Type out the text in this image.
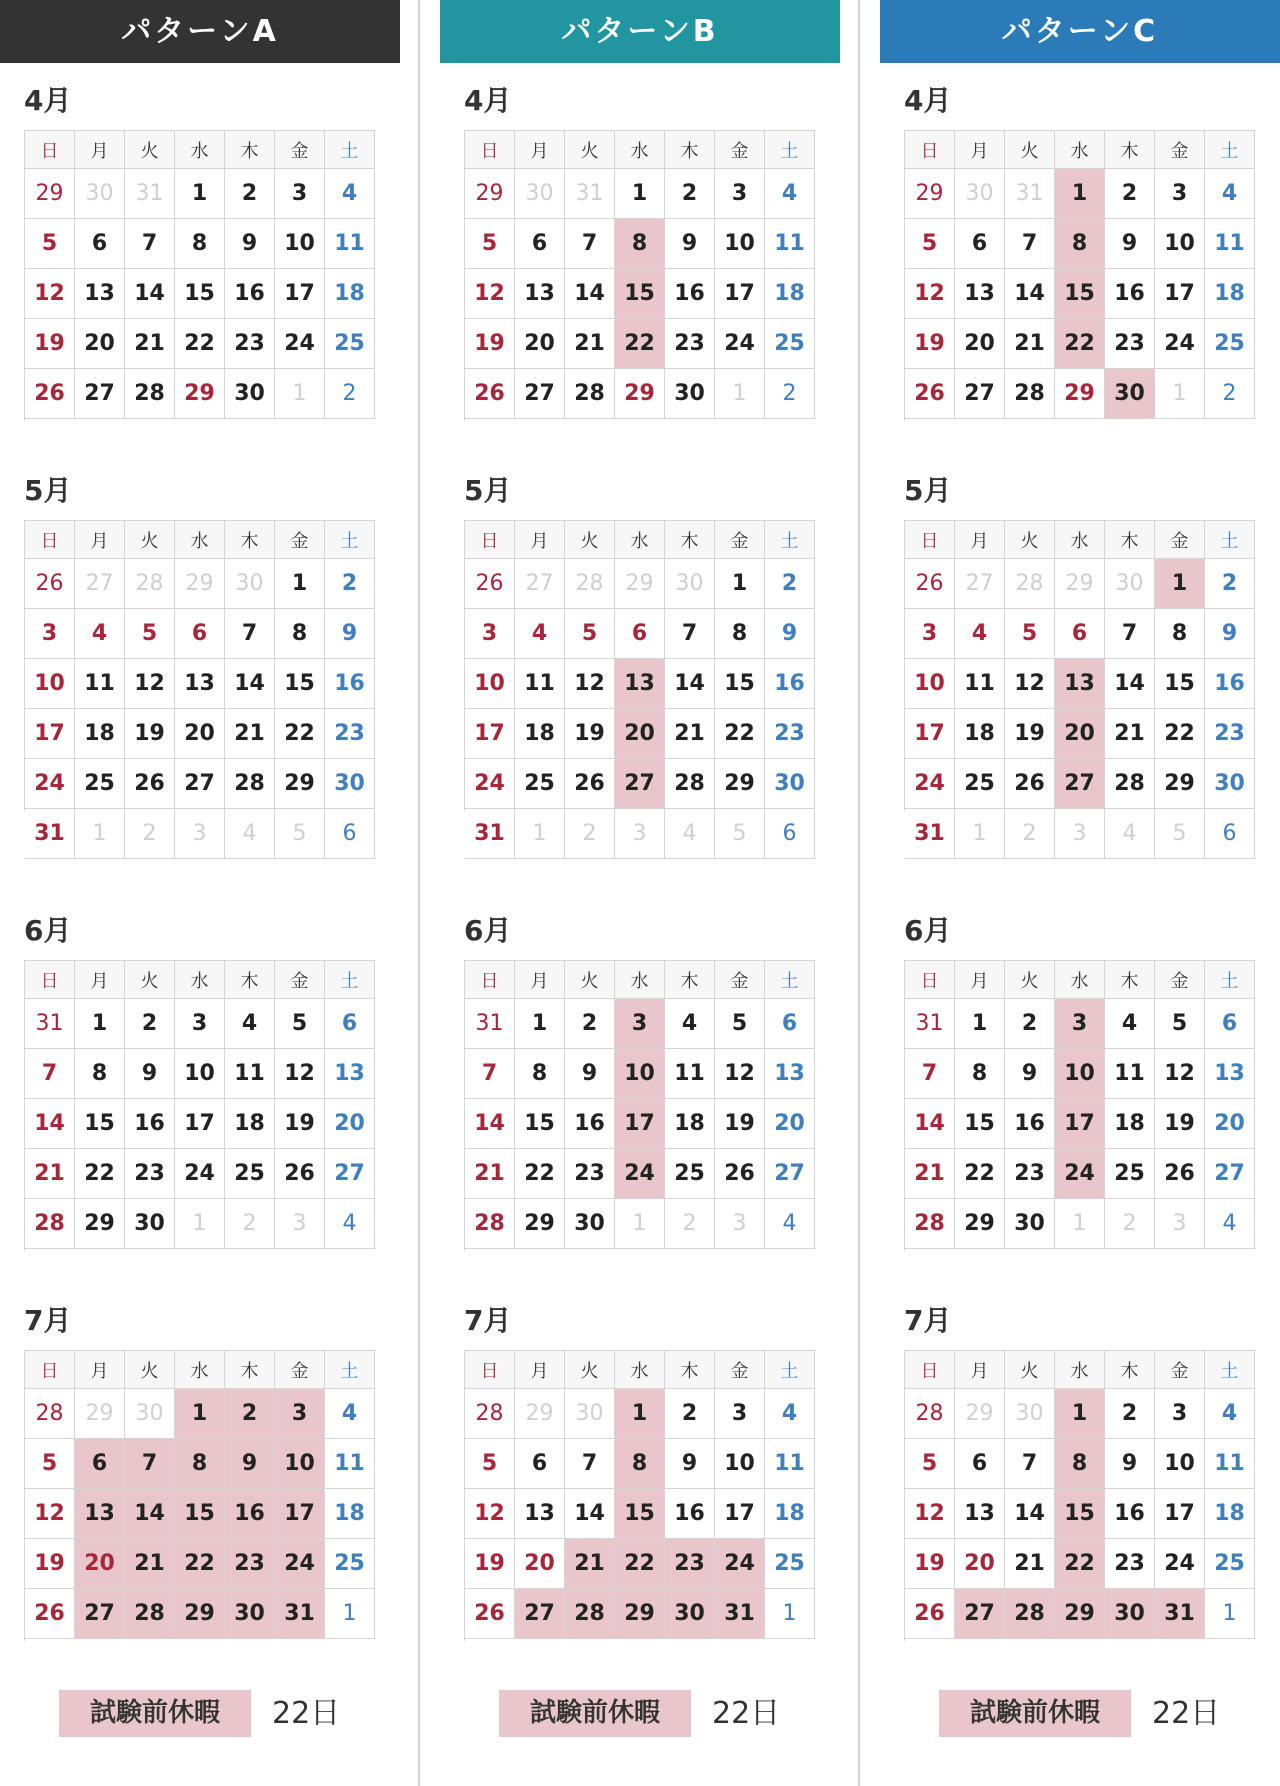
パターンA
4月
日	月	火	水	木	金	土
29	30	31	1	2	3	4
5	6	7	8	9	10 11
12 13 14 15 16 17 18
19 20 21 22 23 24 25
26 27 28 29 30	1	2
5月
日	月	火	水	木	金	土
26	27	28	29	30	1	2
3	4	5	6	7	8	9
10 11 12 13 14 15 16
17 18 19 20 21 22 23
24 25 26 27 28 29 30
31	1	2	3	4	5	6
6月
日	月	火	水	木	金	土
31	1	2	3	4	5	6
7	8	9	10 11 12 13
14 15 16 17 18 19 20
21 22 23 24 25 26 27
28 29 30	1	2	3	4
7月
日	月	火	水	木	金	土
28	29	30	1	2	3	4
5	6	7	8	9	10 11
12 13 14 15 16 17 18
19 20 21 22 23 24 25
26 27 28 29 30 31	1
試験前休暇	22日
パターンB
4月
日	月	火	水	木	金	土
29	30	31	1	2	3	4
5	6	7	8	9	10 11
12 13 14 15 16 17 18
19 20 21 22 23 24 25
26 27 28 29 30	1	2
5月
日	月	火	水	木	金	土
26	27	28	29	30	1	2
3	4	5	6	7	8	9
10 11 12 13 14 15 16
17 18 19 20 21 22 23
24 25 26 27 28 29 30
31	1	2	3	4	5	6
6月
日	月	火	水	木	金	土
31	1	2	3	4	5	6
7	8	9	10 11 12 13
14 15 16 17 18 19 20
21 22 23 24 25 26 27
28 29 30	1	2	3	4
7月
日	月	火	水	木	金	土
28	29	30	1	2	3	4
5	6	7	8	9	10 11
12 13 14 15 16 17 18
19 20 21 22 23 24 25
26 27 28 29 30 31	1
試験前休暇	22日
パターンC
4月
日	月	火	水	木	金	土
29	30	31	1	2	3	4
5	6	7	8	9	10 11
12 13 14 15 16 17 18
19 20 21 22 23 24 25
26 27 28 29 30	1	2
5月
日	月	火	水	木	金	土
26	27	28	29	30	1	2
3	4	5	6	7	8	9
10 11 12 13 14 15 16
17 18 19 20 21 22 23
24 25 26 27 28 29 30
31	1	2	3	4	5	6
6月
日	月	火	水	木	金	土
31	1	2	3	4	5	6
7	8	9	10 11 12 13
14 15 16 17 18 19 20
21 22 23 24 25 26 27
28 29 30	1	2	3	4
7月
日	月	火	水	木	金	土
28	29	30	1	2	3	4
5	6	7	8	9	10 11
12 13 14 15 16 17 18
19 20 21 22 23 24 25
26 27 28 29 30 31	1
試験前休暇	22日
